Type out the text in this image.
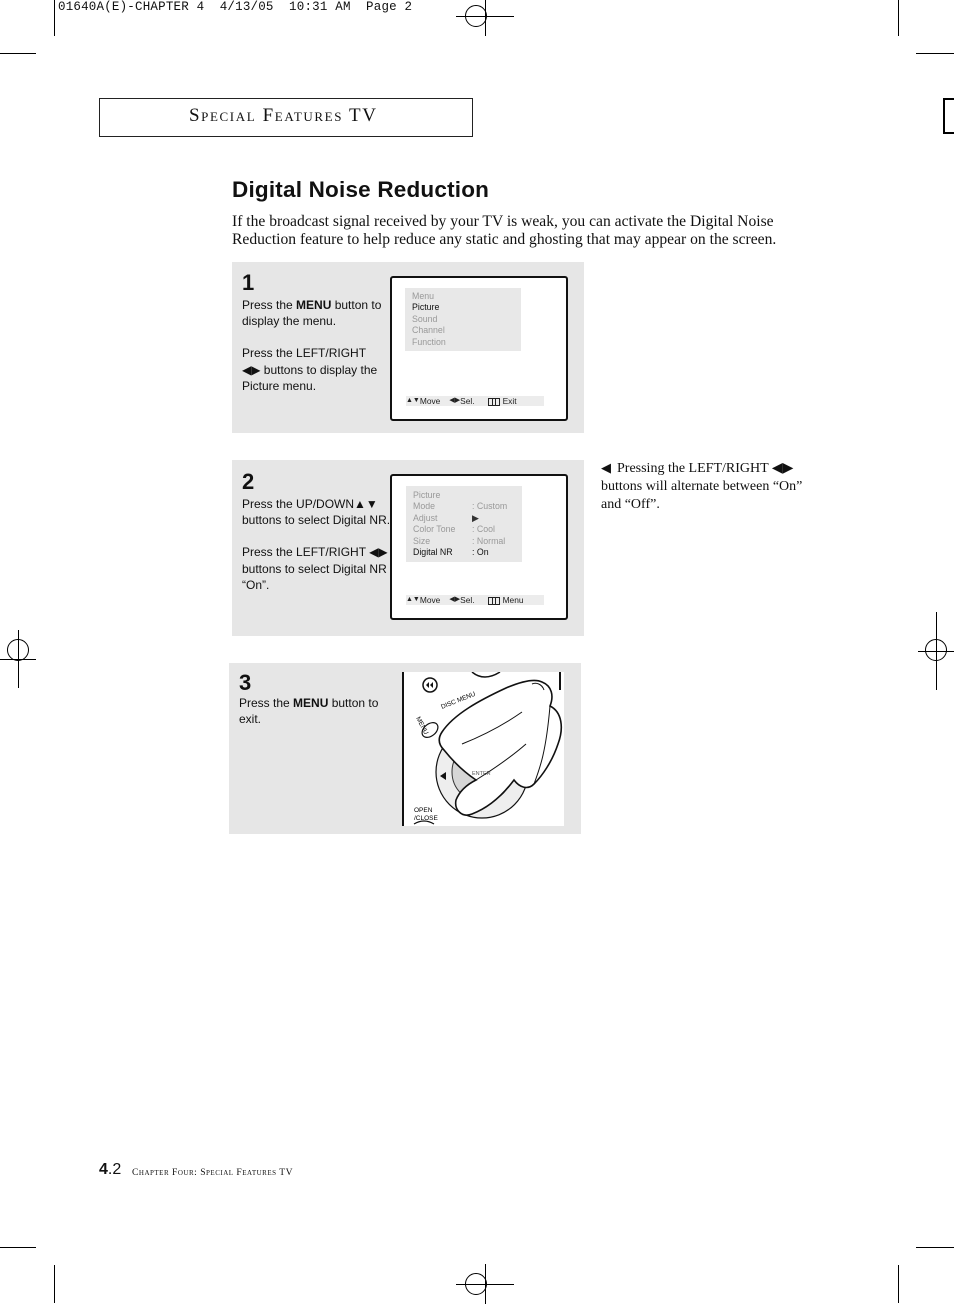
01640A(E)-CHAPTER 4  4/13/05  10:31 AM  Page 2
Special Features TV
Digital Noise Reduction
If the broadcast signal received by your TV is weak, you can activate the Digital Noise Reduction feature to help reduce any static and ghosting that may appear on the screen.
1

Press the MENU button to display the menu.

Press the LEFT/RIGHT ◀▶ buttons to display the Picture menu.

Menu
Picture
Sound
Channel
Function
▲▼ Move ◀▶ Sel.	Exit
2

Press the UP/DOWN▲▼ buttons to select Digital NR.

Press the LEFT/RIGHT ◀▶ buttons to select Digital NR “On”.

Picture
Mode	: Custom
Adjust	▶
Color Tone	: Cool
Size	: Normal
Digital NR	: On
▲▼ Move ◀▶ Sel.	Menu
◀ Pressing the LEFT/RIGHT ◀▶ buttons will alternate between “On” and “Off”.
3

Press the MENU button to exit.	MENU
DISC MENU
ENTER
OPEN
/CLOSE
4.2 Chapter Four: Special Features TV
